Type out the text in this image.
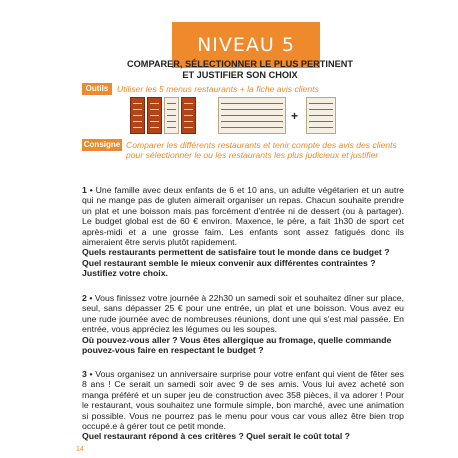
NIVEAU 5
COMPARER, SÉLECTIONNER LE PLUS PERTINENT
ET JUSTIFIER SON CHOIX
Outils	Utiliser les 5 menus restaurants + la fiche avis clients
+
Consigne Comparer les différents restaurants et tenir compte des avis des clients pour sélectionner le ou les restaurants les plus judicieux et justifier
1 • Une famille avec deux enfants de 6 et 10 ans, un adulte végétarien et un autre qui ne mange pas de gluten aimerait organiser un repas. Chacun souhaite prendre un plat et une boisson mais pas forcément d'entrée ni de dessert (ou à partager). Le budget global est de 60 € environ. Maxence, le père, a fait 1h30 de sport cet après-midi et a une grosse faim. Les enfants sont assez fatigués donc ils aimeraient être servis plutôt rapidement.
Quels restaurants permettent de satisfaire tout le monde dans ce budget ? Quel restaurant semble le mieux convenir aux différentes contraintes ? Justifiez votre choix.
2 • Vous finissez votre journée à 22h30 un samedi soir et souhaitez dîner sur place, seul, sans dépasser 25 € pour une entrée, un plat et une boisson. Vous avez eu une rude journée avec de nombreuses réunions, dont une qui s'est mal passée. En entrée, vous appréciez les légumes ou les soupes.
Où pouvez-vous aller ? Vous êtes allergique au fromage, quelle commande pouvez-vous faire en respectant le budget ?
3 • Vous organisez un anniversaire surprise pour votre enfant qui vient de fêter ses 8 ans ! Ce serait un samedi soir avec 9 de ses amis. Vous lui avez acheté son manga préféré et un super jeu de construction avec 358 pièces, il va adorer ! Pour le restaurant, vous souhaitez une formule simple, bon marché, avec une animation si possible. Vous ne pourrez pas le menu pour vous car vous allez être bien trop occupé.e à gérer tout ce petit monde.
Quel restaurant répond à ces critères ? Quel serait le coût total ?
14
